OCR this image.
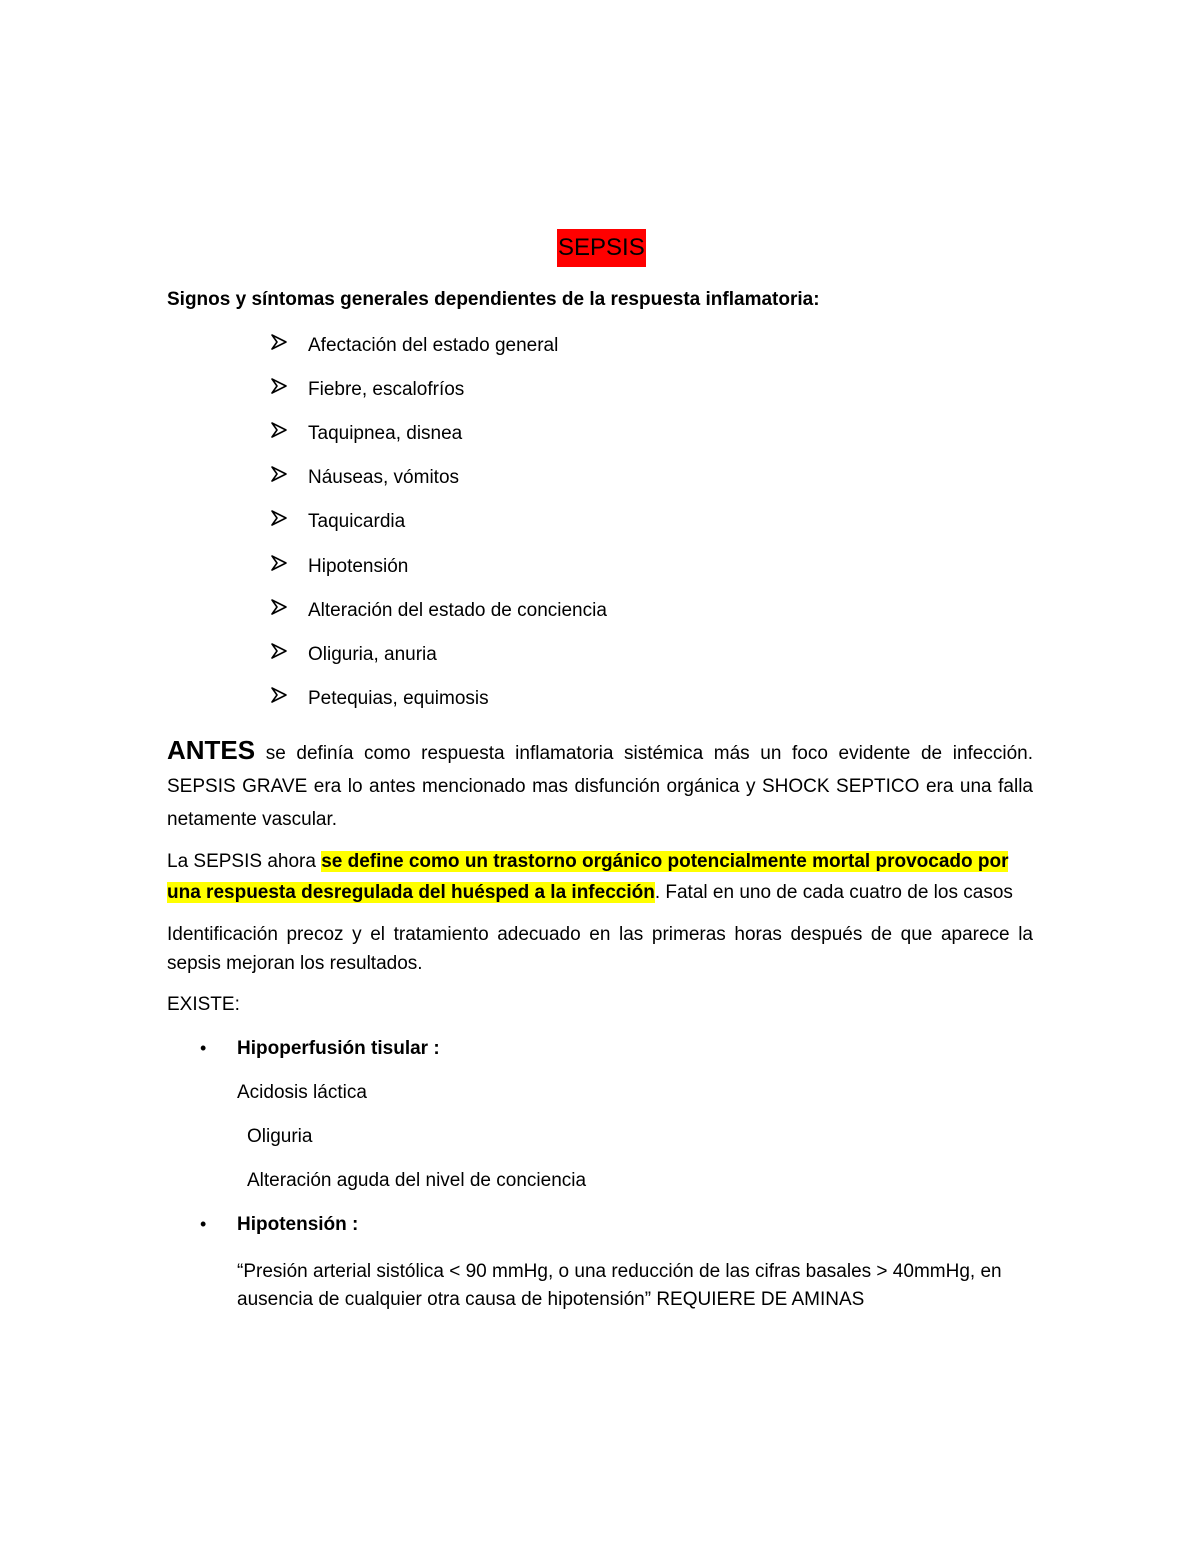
SEPSIS
Signos y síntomas generales dependientes de la respuesta inflamatoria:
Afectación del estado general
Fiebre, escalofríos
Taquipnea, disnea
Náuseas, vómitos
Taquicardia
Hipotensión
Alteración del estado de conciencia
Oliguria, anuria
Petequias, equimosis
ANTES se definía como respuesta inflamatoria sistémica más un foco evidente de infección. SEPSIS GRAVE era lo antes mencionado mas disfunción orgánica y SHOCK SEPTICO era una falla netamente vascular.
La SEPSIS ahora se define como un trastorno orgánico potencialmente mortal provocado por una respuesta desregulada del huésped a la infección. Fatal en uno de cada cuatro de los casos
Identificación precoz y el tratamiento adecuado en las primeras horas después de que aparece la sepsis mejoran los resultados.
EXISTE:
• Hipoperfusión tisular :
Acidosis láctica
Oliguria
Alteración aguda del nivel de conciencia
• Hipotensión :
“Presión arterial sistólica < 90 mmHg, o una reducción de las cifras basales > 40mmHg, en ausencia de cualquier otra causa de hipotensión” REQUIERE DE AMINAS
